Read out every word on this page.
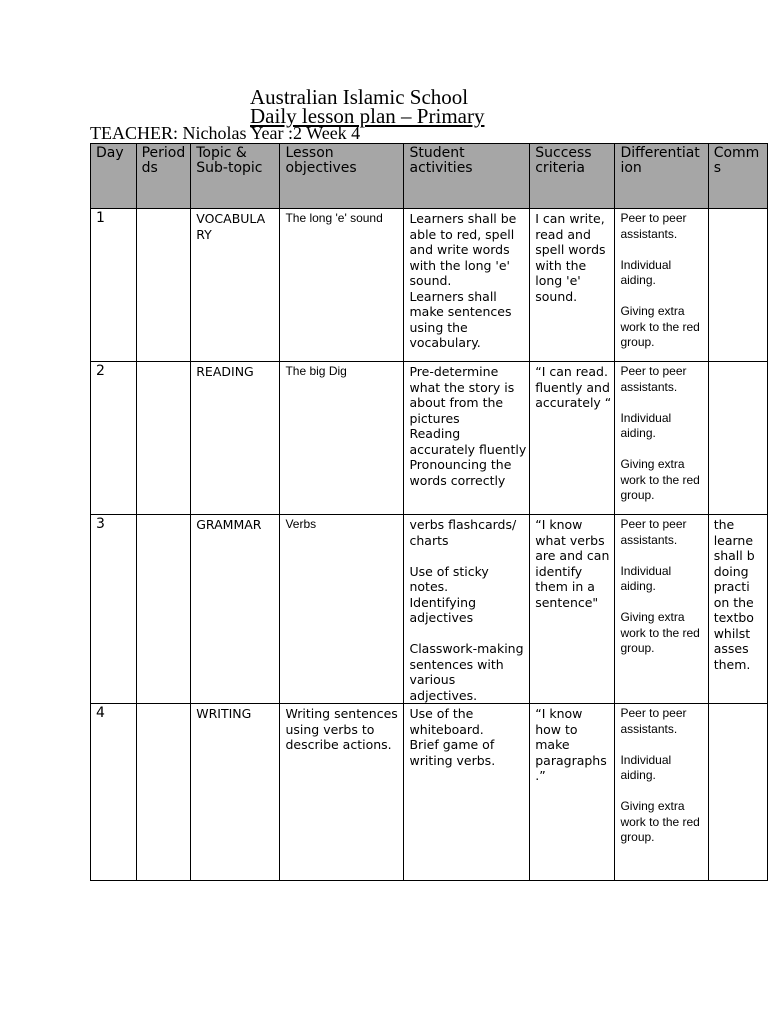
Australian Islamic School
Daily lesson plan – Primary
TEACHER: Nicholas Year :2 Week 4
Day	Period ds	Topic & Sub-topic	Lesson objectives	Student activities	Success criteria	Differentiat ion	Comm s
1		VOCABULA RY	The long 'e' sound	Learners shall be able to red, spell and write words with the long 'e' sound.
Learners shall make sentences using the vocabulary.	I can write, read and spell words with the long 'e' sound.	Peer to peer assistants.

Individual aiding.

Giving extra work to the red group.	
2		READING	The big Dig	Pre-determine what the story is about from the pictures
Reading accurately fluently
Pronouncing the words correctly	“I can read. fluently and accurately “	Peer to peer assistants.

Individual aiding.

Giving extra work to the red group.	
3		GRAMMAR	Verbs	verbs flashcards/ charts

Use of sticky notes.
Identifying adjectives

Classwork-making sentences with various adjectives.	“I know what verbs are and can identify them in a sentence"	Peer to peer assistants.

Individual aiding.

Giving extra work to the red group.	the learne shall b doing practi on the textbo whilst asses them.
4		WRITING	Writing sentences using verbs to describe actions.	Use of the whiteboard.
Brief game of writing verbs.	“I know how to make paragraphs .”	Peer to peer assistants.

Individual aiding.

Giving extra work to the red group.	
